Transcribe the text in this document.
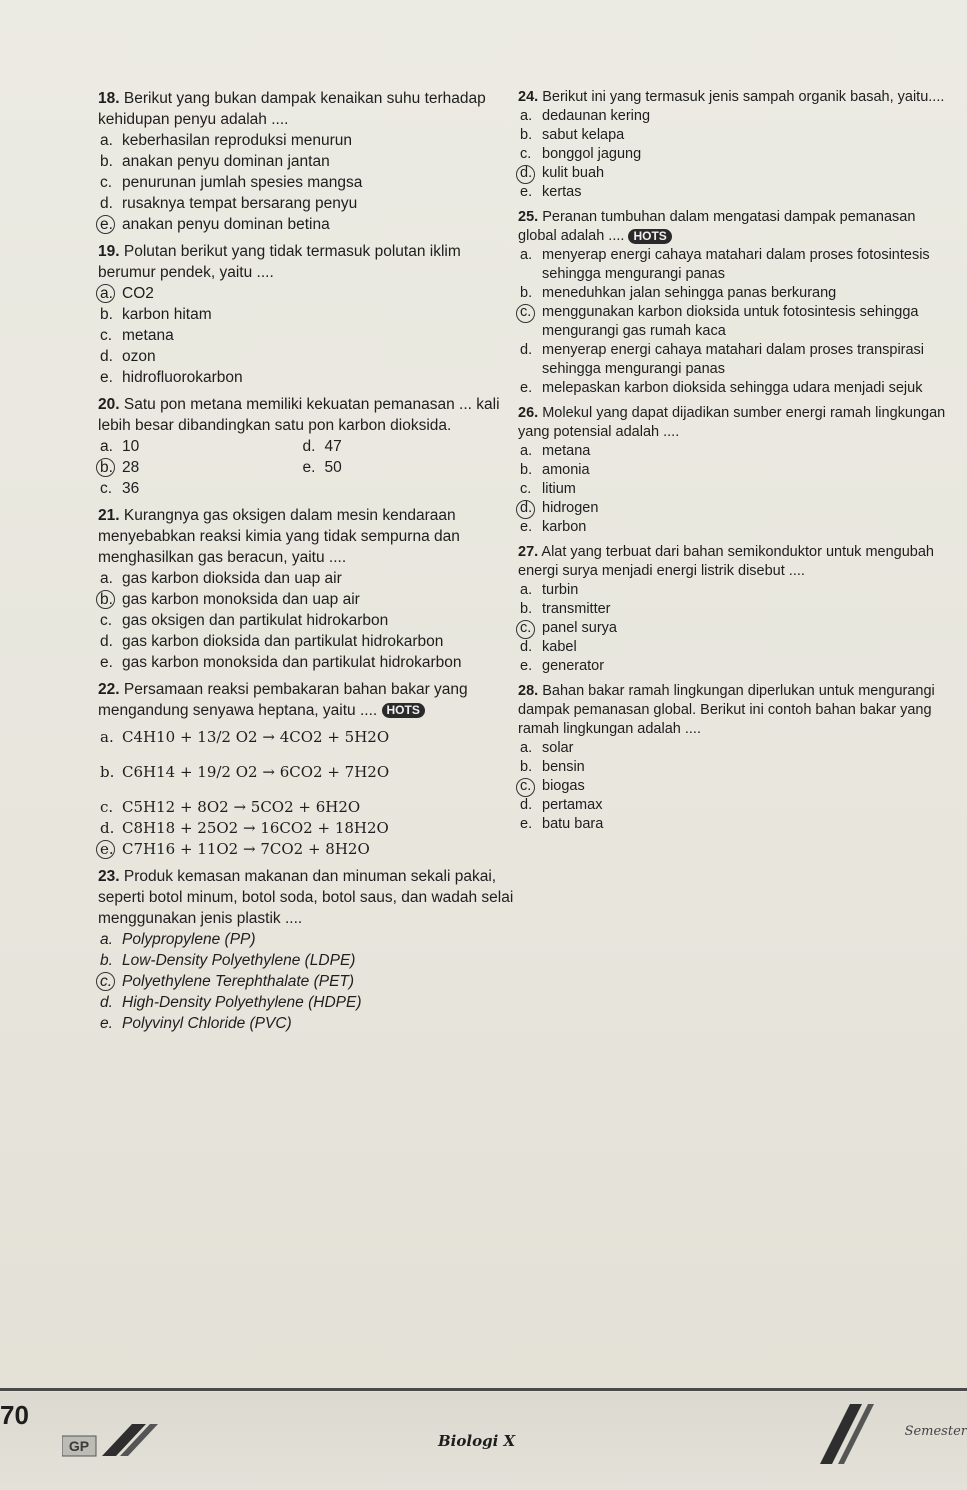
18. Berikut yang bukan dampak kenaikan suhu terhadap kehidupan penyu adalah ....
a. keberhasilan reproduksi menurun
b. anakan penyu dominan jantan
c. penurunan jumlah spesies mangsa
d. rusaknya tempat bersarang penyu
e. anakan penyu dominan betina
19. Polutan berikut yang tidak termasuk polutan iklim berumur pendek, yaitu ....
a. CO2
b. karbon hitam
c. metana
d. ozon
e. hidrofluorokarbon
20. Satu pon metana memiliki kekuatan pemanasan ... kali lebih besar dibandingkan satu pon karbon dioksida.
a. 10	d. 47
b. 28	e. 50
c. 36
21. Kurangnya gas oksigen dalam mesin kendaraan menyebabkan reaksi kimia yang tidak sempurna dan menghasilkan gas beracun, yaitu ....
a. gas karbon dioksida dan uap air
b. gas karbon monoksida dan uap air
c. gas oksigen dan partikulat hidrokarbon
d. gas karbon dioksida dan partikulat hidrokarbon
e. gas karbon monoksida dan partikulat hidrokarbon
22. Persamaan reaksi pembakaran bahan bakar yang mengandung senyawa heptana, yaitu .... HOTS
a. C4H10 + 13/2 O2 → 4CO2 + 5H2O
b. C6H14 + 19/2 O2 → 6CO2 + 7H2O
c. C5H12 + 8O2 → 5CO2 + 6H2O
d. C8H18 + 25O2 → 16CO2 + 18H2O
e. C7H16 + 11O2 → 7CO2 + 8H2O
23. Produk kemasan makanan dan minuman sekali pakai, seperti botol minum, botol soda, botol saus, dan wadah selai menggunakan jenis plastik ....
a. Polypropylene (PP)
b. Low-Density Polyethylene (LDPE)
c. Polyethylene Terephthalate (PET)
d. High-Density Polyethylene (HDPE)
e. Polyvinyl Chloride (PVC)
24. Berikut ini yang termasuk jenis sampah organik basah, yaitu....
a. dedaunan kering
b. sabut kelapa
c. bonggol jagung
d. kulit buah
e. kertas
25. Peranan tumbuhan dalam mengatasi dampak pemanasan global adalah .... HOTS
a. menyerap energi cahaya matahari dalam proses fotosintesis sehingga mengurangi panas
b. meneduhkan jalan sehingga panas berkurang
c. menggunakan karbon dioksida untuk fotosintesis sehingga mengurangi gas rumah kaca
d. menyerap energi cahaya matahari dalam proses transpirasi sehingga mengurangi panas
e. melepaskan karbon dioksida sehingga udara menjadi sejuk
26. Molekul yang dapat dijadikan sumber energi ramah lingkungan yang potensial adalah ....
a. metana
b. amonia
c. litium
d. hidrogen
e. karbon
27. Alat yang terbuat dari bahan semikonduktor untuk mengubah energi surya menjadi energi listrik disebut ....
a. turbin
b. transmitter
c. panel surya
d. kabel
e. generator
28. Bahan bakar ramah lingkungan diperlukan untuk mengurangi dampak pemanasan global. Berikut ini contoh bahan bakar yang ramah lingkungan adalah ....
a. solar
b. bensin
c. biogas
d. pertamax
e. batu bara
70
GP	Biologi X
Semester
